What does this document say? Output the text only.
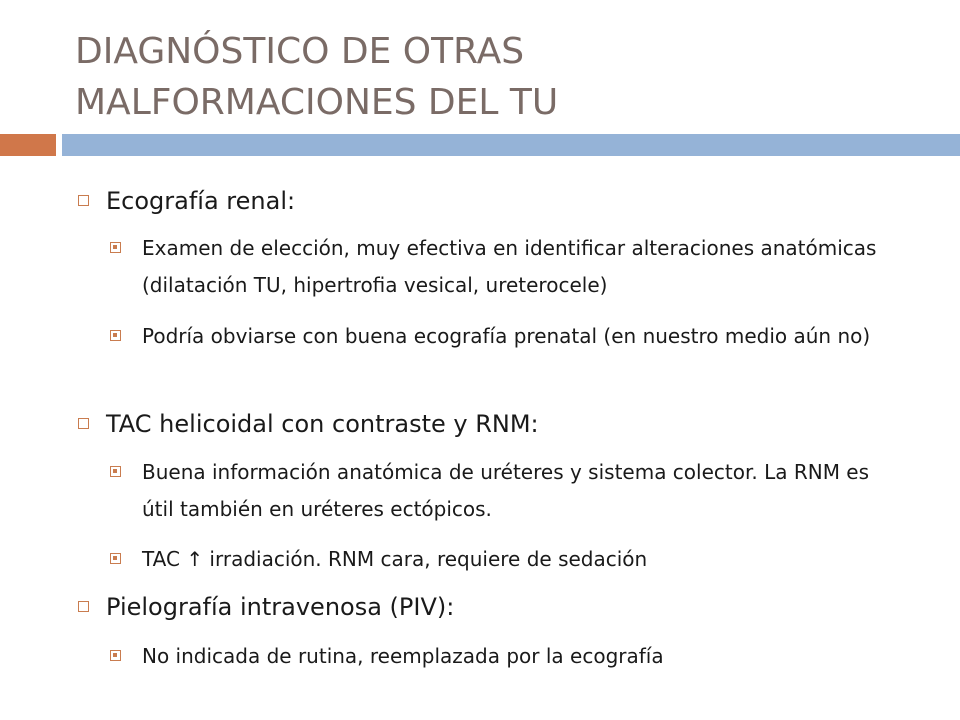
DIAGNÓSTICO DE OTRAS
MALFORMACIONES DEL TU
Ecografía renal:
Examen de elección, muy efectiva en identificar alteraciones anatómicas (dilatación TU, hipertrofia vesical, ureterocele)
Podría obviarse con buena ecografía prenatal (en nuestro medio aún no)
TAC helicoidal con contraste y RNM:
Buena información anatómica de uréteres y sistema colector. La RNM es útil también en uréteres ectópicos.
TAC ↑ irradiación. RNM cara, requiere de sedación
Pielografía intravenosa (PIV):
No indicada de rutina, reemplazada por la ecografía
